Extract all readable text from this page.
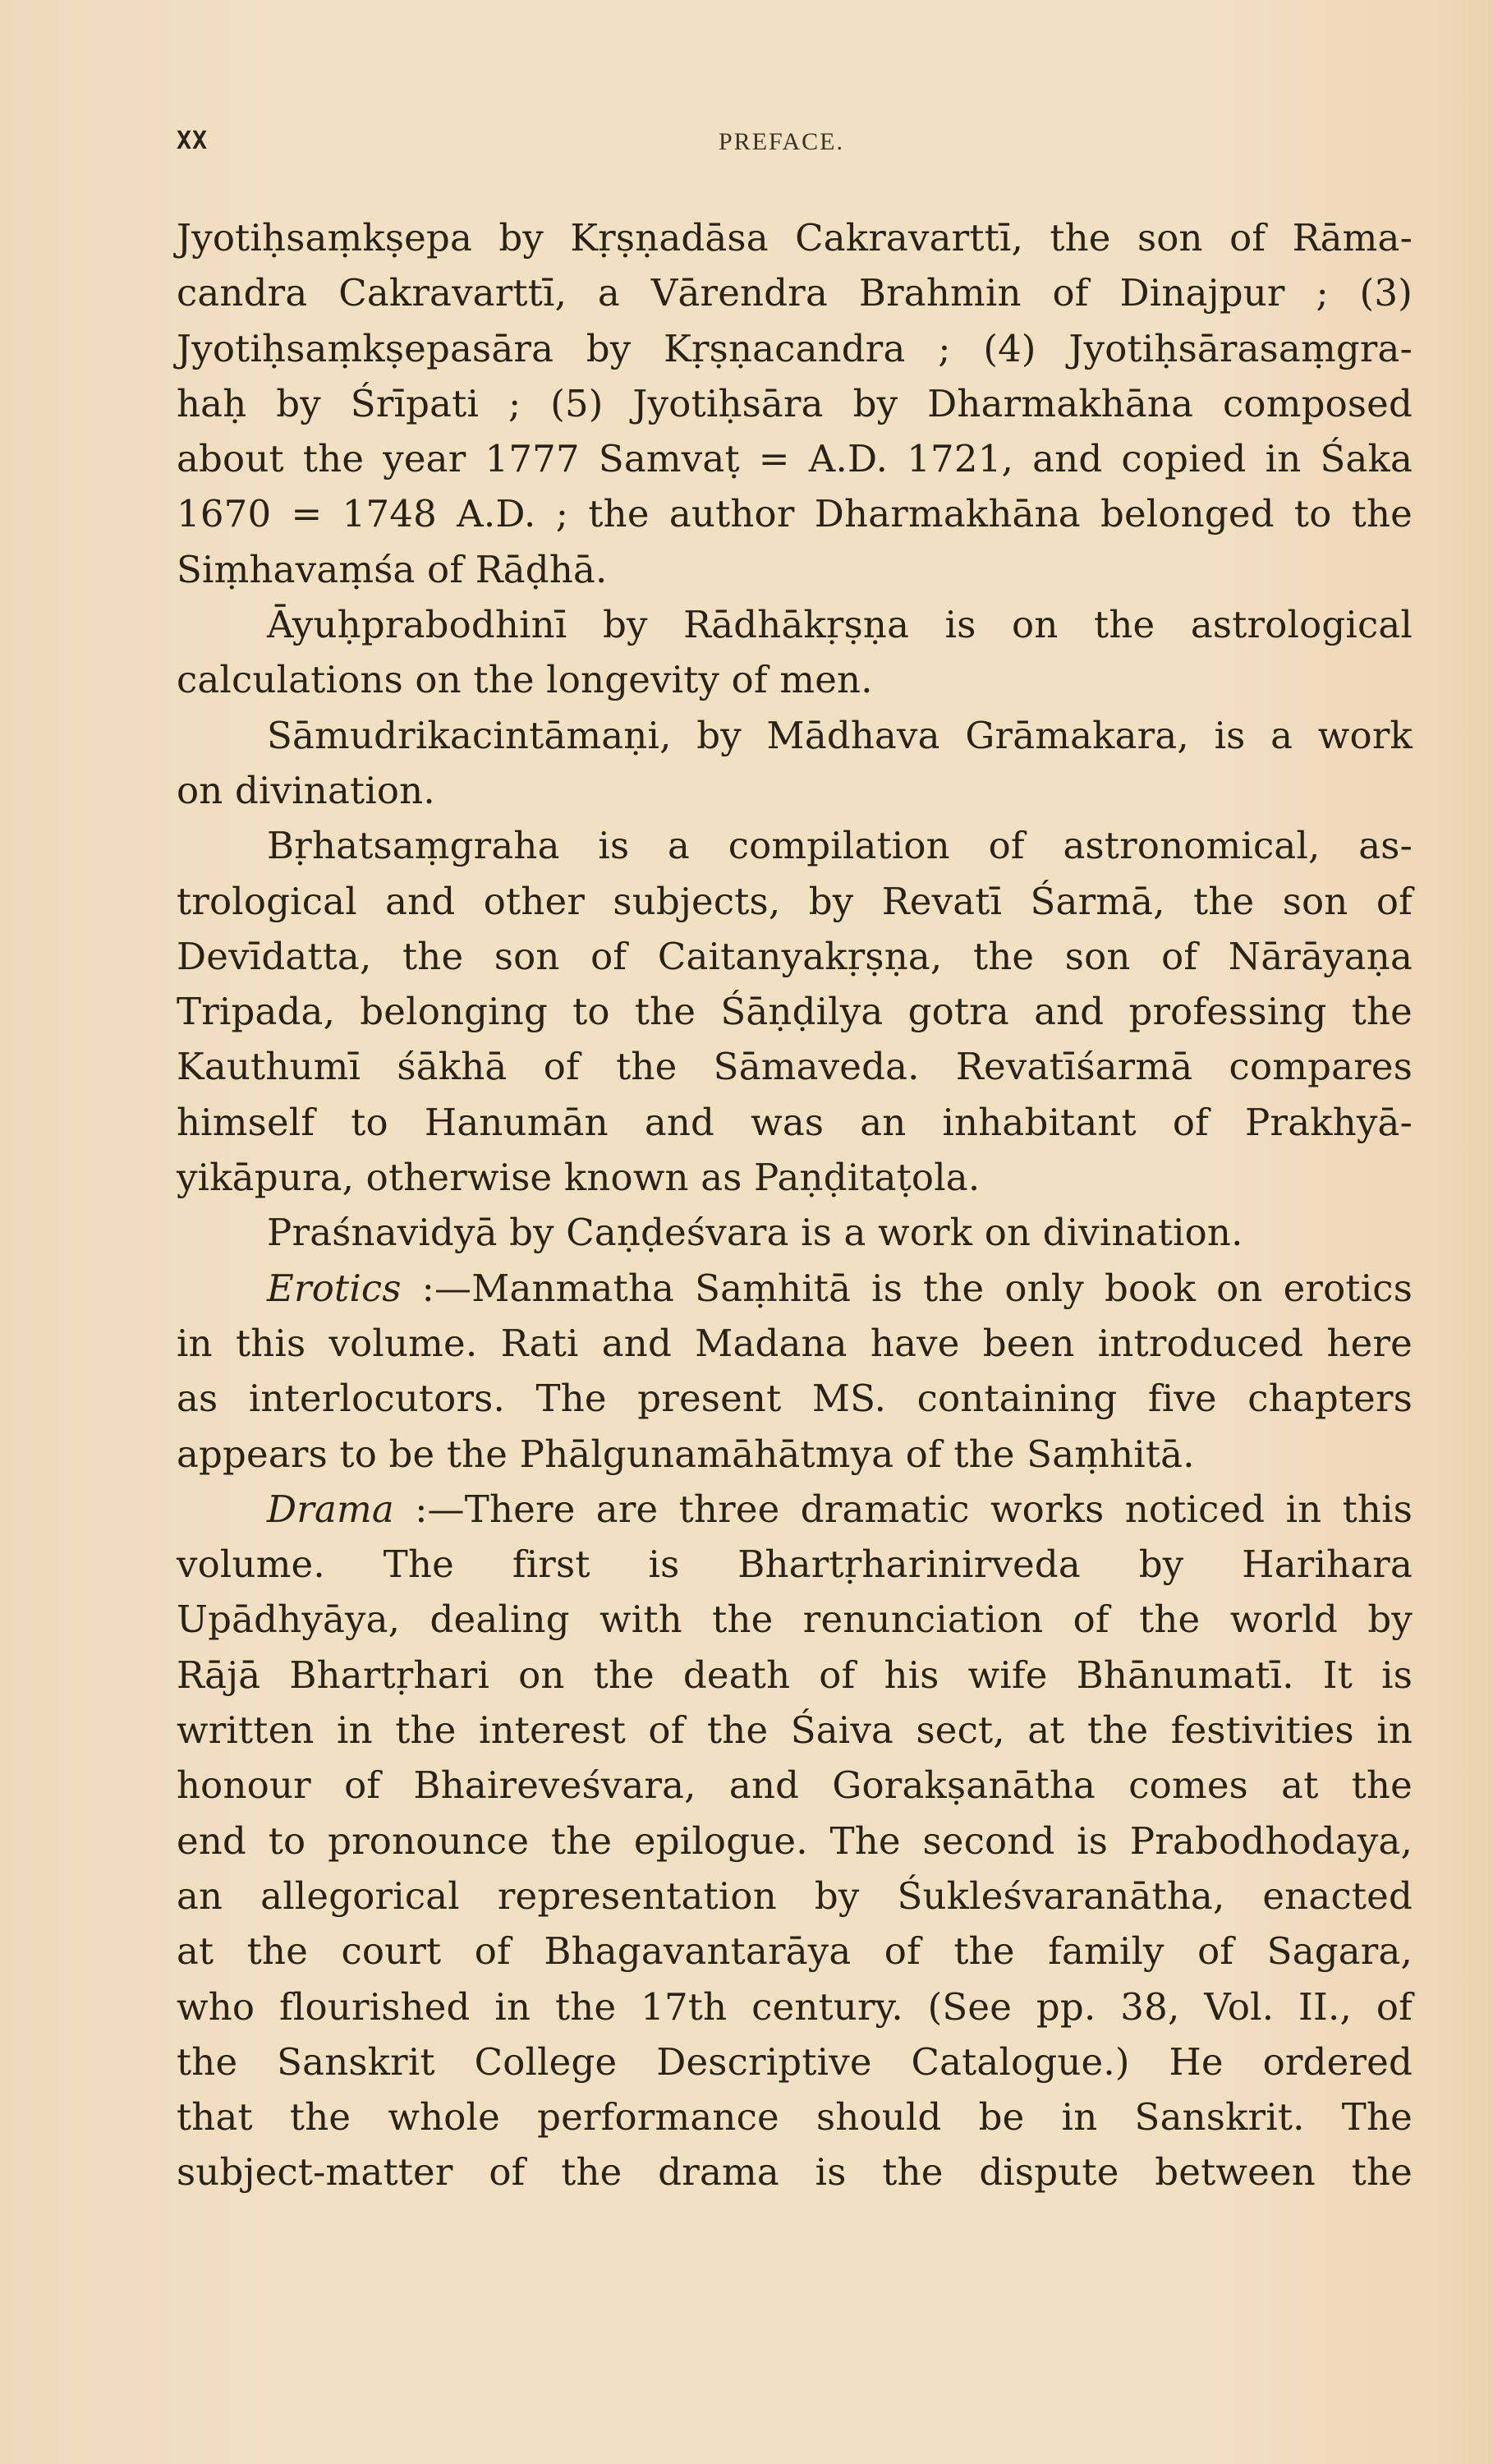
XX	PREFACE.
Jyotiḥsaṃkṣepa by Kṛṣṇadāsa Cakravarttī, the son of Rāma-
candra Cakravarttī, a Vārendra Brahmin of Dinajpur ; (3)
Jyotiḥsaṃkṣepasāra by Kṛṣṇacandra ; (4) Jyotiḥsārasaṃgra-
haḥ by Śrīpati ; (5) Jyotiḥsāra by Dharmakhāna composed
about the year 1777 Samvaṭ = A.D. 1721, and copied in Śaka
1670 = 1748 A.D. ; the author Dharmakhāna belonged to the
Siṃhavaṃśa of Rāḍhā.
Āyuḥprabodhinī by Rādhākṛṣṇa is on the astrological
calculations on the longevity of men.
Sāmudrikacintāmaṇi, by Mādhava Grāmakara, is a work
on divination.
Bṛhatsaṃgraha is a compilation of astronomical, as-
trological and other subjects, by Revatī Śarmā, the son of
Devīdatta, the son of Caitanyakṛṣṇa, the son of Nārāyaṇa
Tripada, belonging to the Śāṇḍilya gotra and professing the
Kauthumī śākhā of the Sāmaveda. Revatīśarmā compares
himself to Hanumān and was an inhabitant of Prakhyā-
yikāpura, otherwise known as Paṇḍitaṭola.
Praśnavidyā by Caṇḍeśvara is a work on divination.
Erotics :—Manmatha Saṃhitā is the only book on erotics
in this volume. Rati and Madana have been introduced here
as interlocutors. The present MS. containing five chapters
appears to be the Phālgunamāhātmya of the Saṃhitā.
Drama :—There are three dramatic works noticed in this
volume. The first is Bhartṛharinirveda by Harihara
Upādhyāya, dealing with the renunciation of the world by
Rājā Bhartṛhari on the death of his wife Bhānumatī. It is
written in the interest of the Śaiva sect, at the festivities in
honour of Bhaireveśvara, and Gorakṣanātha comes at the
end to pronounce the epilogue. The second is Prabodhodaya,
an allegorical representation by Śukleśvaranātha, enacted
at the court of Bhagavantarāya of the family of Sagara,
who flourished in the 17th century. (See pp. 38, Vol. II., of
the Sanskrit College Descriptive Catalogue.) He ordered
that the whole performance should be in Sanskrit. The
subject-matter of the drama is the dispute between the
